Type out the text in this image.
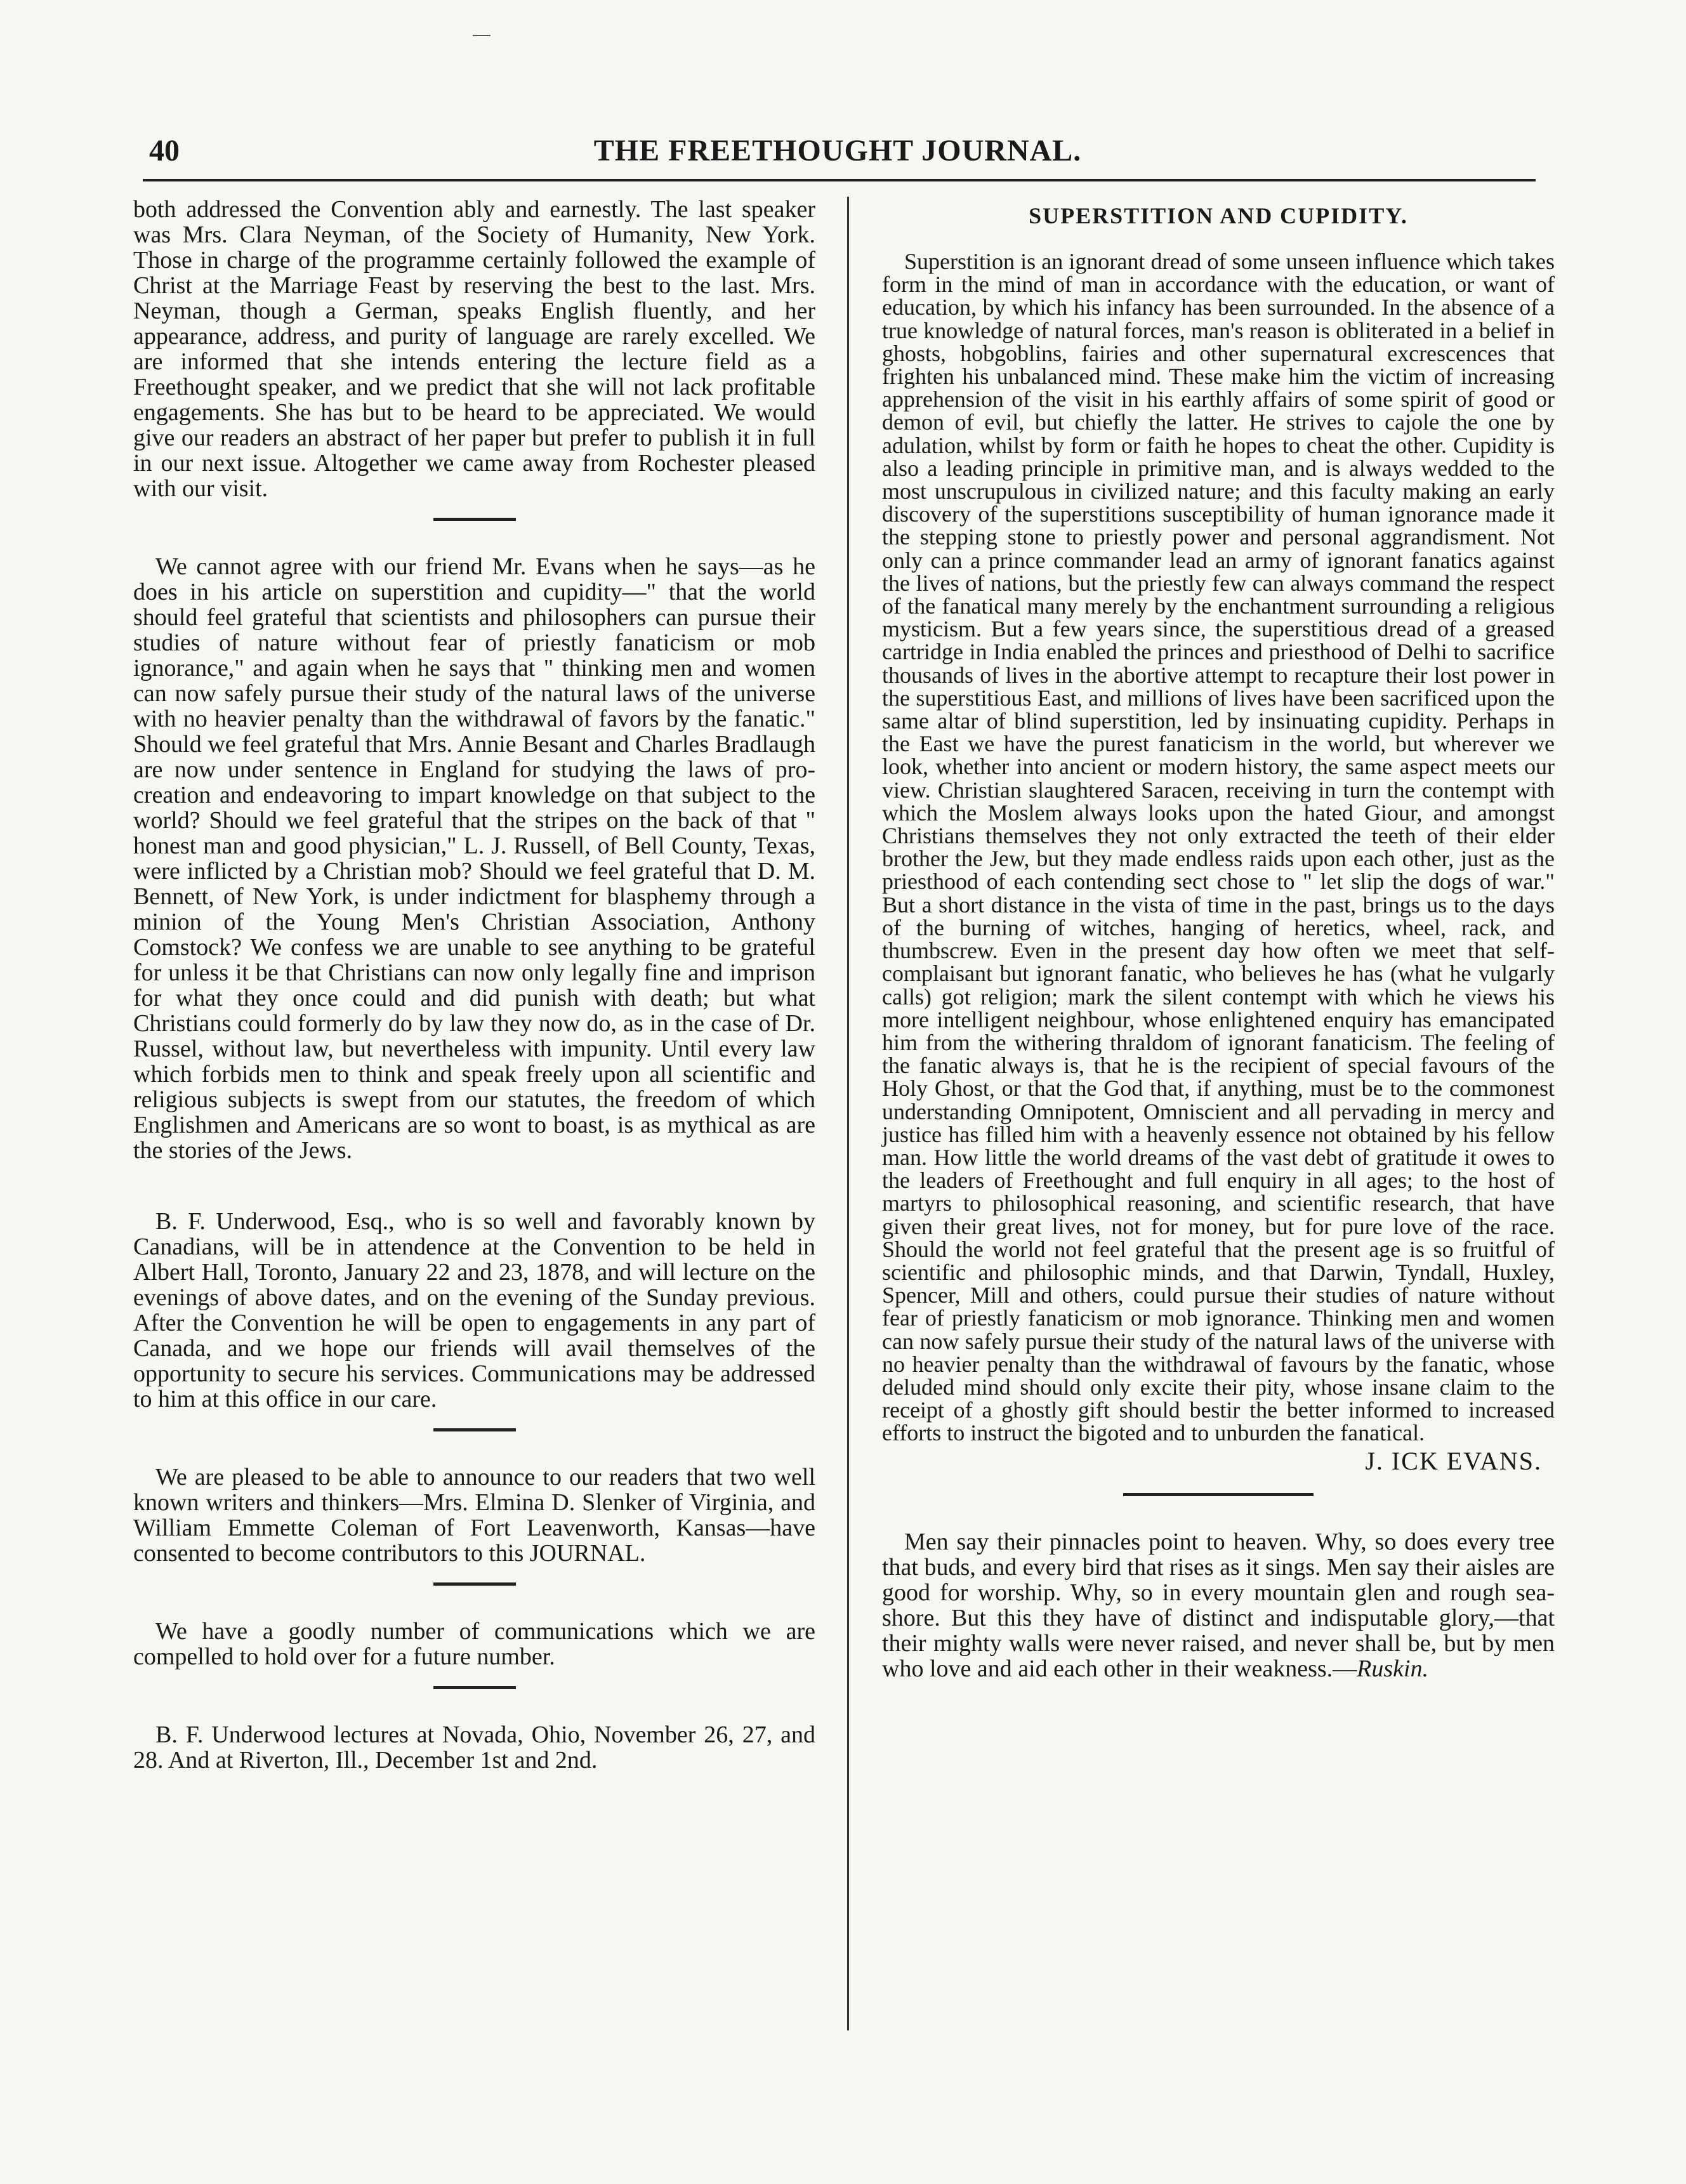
40	THE FREETHOUGHT JOURNAL.

both addressed the Convention ably and earnestly. The last speaker was Mrs. Clara Neyman, of the Society of Humanity, New York. Those in charge of the programme certainly followed the example of Christ at the Marriage Feast by reserving the best to the last. Mrs. Neyman, though a German, speaks English fluently, and her appearance, address, and purity of language are rarely excelled. We are informed that she intends entering the lecture field as a Freethought speaker, and we predict that she will not lack profitable engagements. She has but to be heard to be appreciated. We would give our readers an abstract of her paper but prefer to publish it in full in our next issue. Altogether we came away from Rochester pleased with our visit.

We cannot agree with our friend Mr. Evans when he says—as he does in his article on superstition and cupidity—" that the world should feel grateful that scientists and philosophers can pursue their studies of nature without fear of priestly fanaticism or mob ignorance," and again when he says that " thinking men and women can now safely pursue their study of the natural laws of the universe with no heavier penalty than the withdrawal of favors by the fanatic." Should we feel grateful that Mrs. Annie Besant and Charles Bradlaugh are now under sentence in England for studying the laws of pro-creation and endeavoring to impart knowledge on that subject to the world? Should we feel grateful that the stripes on the back of that " honest man and good physician," L. J. Russell, of Bell County, Texas, were inflicted by a Christian mob? Should we feel grateful that D. M. Bennett, of New York, is under indictment for blasphemy through a minion of the Young Men's Christian Association, Anthony Comstock? We confess we are unable to see anything to be grateful for unless it be that Christians can now only legally fine and imprison for what they once could and did punish with death; but what Christians could formerly do by law they now do, as in the case of Dr. Russel, without law, but nevertheless with impunity. Until every law which forbids men to think and speak freely upon all scientific and religious subjects is swept from our statutes, the freedom of which Englishmen and Americans are so wont to boast, is as mythical as are the stories of the Jews.

B. F. Underwood, Esq., who is so well and favorably known by Canadians, will be in attendence at the Convention to be held in Albert Hall, Toronto, January 22 and 23, 1878, and will lecture on the evenings of above dates, and on the evening of the Sunday previous. After the Convention he will be open to engagements in any part of Canada, and we hope our friends will avail themselves of the opportunity to secure his services. Communications may be addressed to him at this office in our care.

We are pleased to be able to announce to our readers that two well known writers and thinkers—Mrs. Elmina D. Slenker of Virginia, and William Emmette Coleman of Fort Leavenworth, Kansas—have consented to become contributors to this JOURNAL.

We have a goodly number of communications which we are compelled to hold over for a future number.

B. F. Underwood lectures at Novada, Ohio, November 26, 27, and 28. And at Riverton, Ill., December 1st and 2nd.

SUPERSTITION AND CUPIDITY.

Superstition is an ignorant dread of some unseen influence which takes form in the mind of man in accordance with the education, or want of education, by which his infancy has been surrounded. In the absence of a true knowledge of natural forces, man's reason is obliterated in a belief in ghosts, hobgoblins, fairies and other supernatural excrescences that frighten his unbalanced mind. These make him the victim of increasing apprehension of the visit in his earthly affairs of some spirit of good or demon of evil, but chiefly the latter. He strives to cajole the one by adulation, whilst by form or faith he hopes to cheat the other. Cupidity is also a leading principle in primitive man, and is always wedded to the most unscrupulous in civilized nature; and this faculty making an early discovery of the superstitions susceptibility of human ignorance made it the stepping stone to priestly power and personal aggrandisment. Not only can a prince commander lead an army of ignorant fanatics against the lives of nations, but the priestly few can always command the respect of the fanatical many merely by the enchantment surrounding a religious mysticism. But a few years since, the superstitious dread of a greased cartridge in India enabled the princes and priesthood of Delhi to sacrifice thousands of lives in the abortive attempt to recapture their lost power in the superstitious East, and millions of lives have been sacrificed upon the same altar of blind superstition, led by insinuating cupidity. Perhaps in the East we have the purest fanaticism in the world, but wherever we look, whether into ancient or modern history, the same aspect meets our view. Christian slaughtered Saracen, receiving in turn the contempt with which the Moslem always looks upon the hated Giour, and amongst Christians themselves they not only extracted the teeth of their elder brother the Jew, but they made endless raids upon each other, just as the priesthood of each contending sect chose to " let slip the dogs of war." But a short distance in the vista of time in the past, brings us to the days of the burning of witches, hanging of heretics, wheel, rack, and thumbscrew. Even in the present day how often we meet that self-complaisant but ignorant fanatic, who believes he has (what he vulgarly calls) got religion; mark the silent contempt with which he views his more intelligent neighbour, whose enlightened enquiry has emancipated him from the withering thraldom of ignorant fanaticism. The feeling of the fanatic always is, that he is the recipient of special favours of the Holy Ghost, or that the God that, if anything, must be to the commonest understanding Omnipotent, Omniscient and all pervading in mercy and justice has filled him with a heavenly essence not obtained by his fellow man. How little the world dreams of the vast debt of gratitude it owes to the leaders of Freethought and full enquiry in all ages; to the host of martyrs to philosophical reasoning, and scientific research, that have given their great lives, not for money, but for pure love of the race. Should the world not feel grateful that the present age is so fruitful of scientific and philosophic minds, and that Darwin, Tyndall, Huxley, Spencer, Mill and others, could pursue their studies of nature without fear of priestly fanaticism or mob ignorance. Thinking men and women can now safely pursue their study of the natural laws of the universe with no heavier penalty than the withdrawal of favours by the fanatic, whose deluded mind should only excite their pity, whose insane claim to the receipt of a ghostly gift should bestir the better informed to increased efforts to instruct the bigoted and to unburden the fanatical.

J. ICK EVANS.

Men say their pinnacles point to heaven. Why, so does every tree that buds, and every bird that rises as it sings. Men say their aisles are good for worship. Why, so in every mountain glen and rough sea-shore. But this they have of distinct and indisputable glory,—that their mighty walls were never raised, and never shall be, but by men who love and aid each other in their weakness.—Ruskin.
